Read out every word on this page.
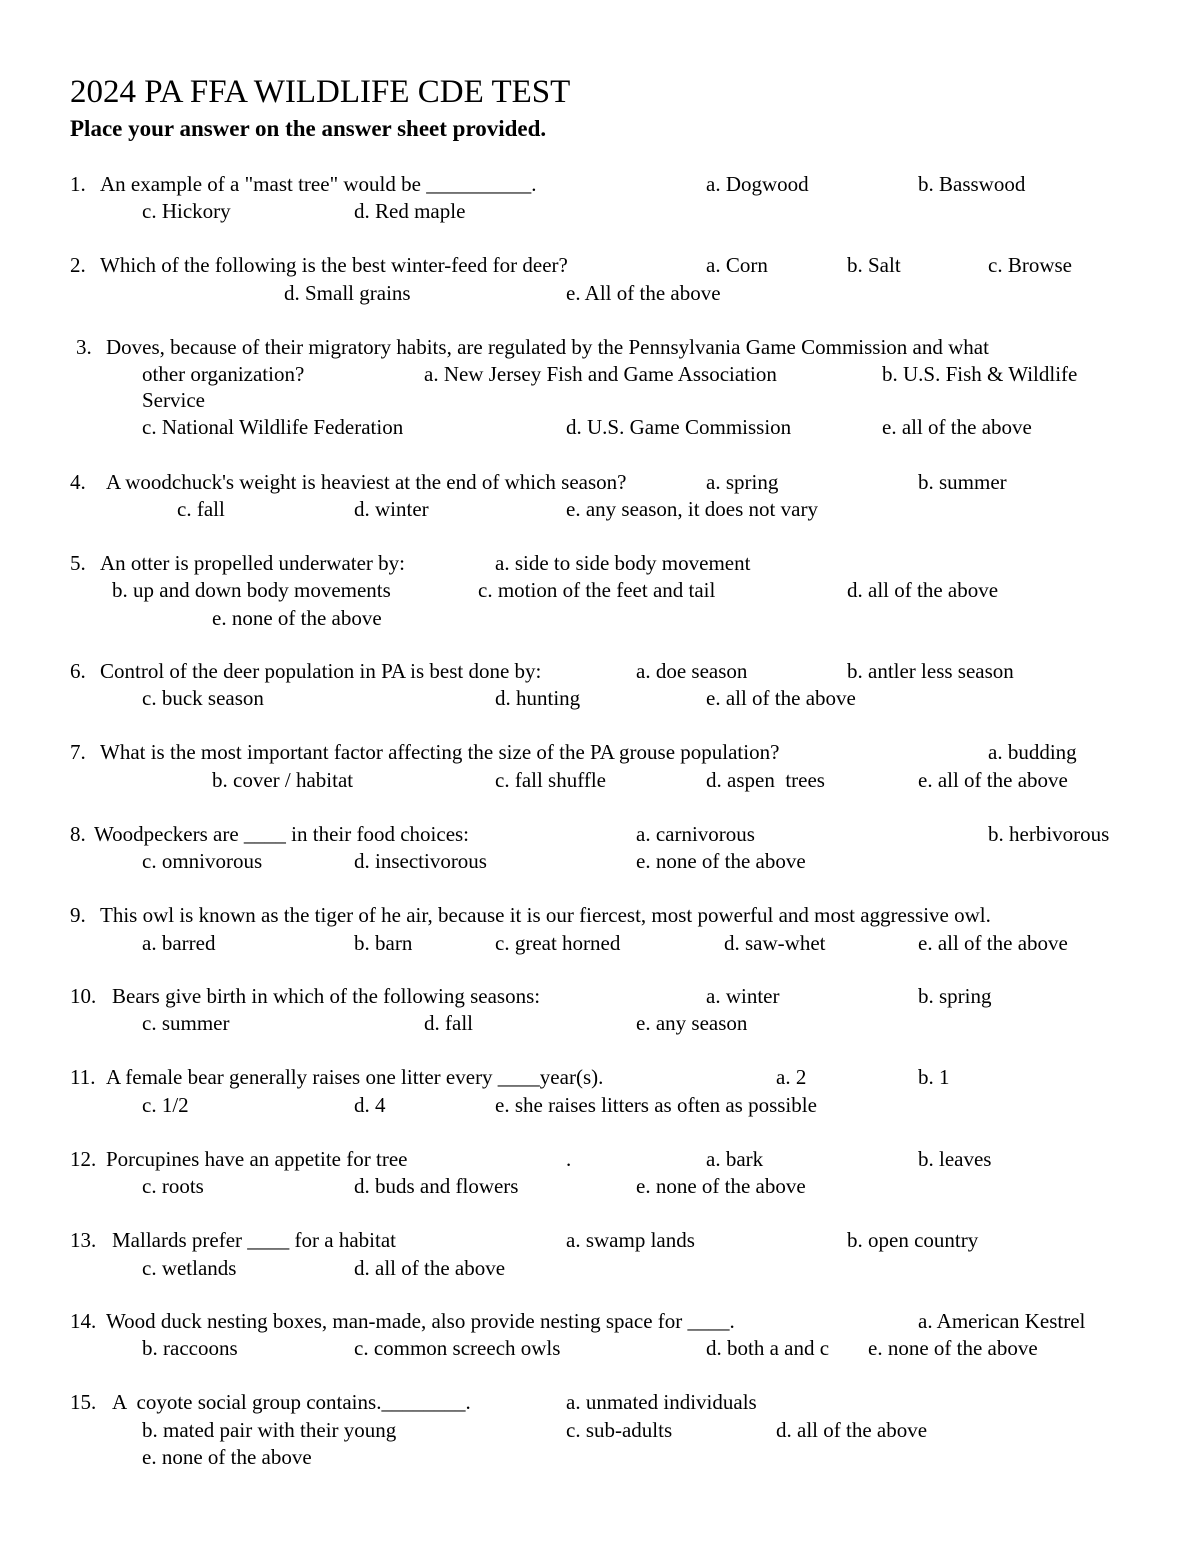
2024 PA FFA WILDLIFE CDE TEST
Place your answer on the answer sheet provided.
1. An example of a "mast tree" would be __________.	a. Dogwood	b. Basswood
c. Hickory	d. Red maple
2. Which of the following is the best winter-feed for deer?	a. Corn	b. Salt	c. Browse
d. Small grains	e. All of the above
3. Doves, because of their migratory habits, are regulated by the Pennsylvania Game Commission and what
other organization?	a. New Jersey Fish and Game Association	b. U.S. Fish & Wildlife
Service
c. National Wildlife Federation	d. U.S. Game Commission	e. all of the above
4. A woodchuck's weight is heaviest at the end of which season?	a. spring	b. summer
c. fall	d. winter	e. any season, it does not vary
5. An otter is propelled underwater by:	a. side to side body movement
b. up and down body movements	c. motion of the feet and tail	d. all of the above
e. none of the above
6. Control of the deer population in PA is best done by:	a. doe season	b. antler less season
c. buck season	d. hunting	e. all of the above
7. What is the most important factor affecting the size of the PA grouse population?	a. budding
b. cover / habitat	c. fall shuffle	d. aspen  trees	e. all of the above
8. Woodpeckers are ____ in their food choices:	a. carnivorous	b. herbivorous
c. omnivorous	d. insectivorous	e. none of the above
9. This owl is known as the tiger of he air, because it is our fiercest, most powerful and most aggressive owl.
a. barred	b. barn	c. great horned	d. saw-whet	e. all of the above
10. Bears give birth in which of the following seasons:	a. winter	b. spring
c. summer	d. fall	e. any season
11. A female bear generally raises one litter every ____year(s).	a. 2	b. 1
c. 1/2	d. 4	e. she raises litters as often as possible
12. Porcupines have an appetite for tree	.	a. bark	b. leaves
c. roots	d. buds and flowers	e. none of the above
13. Mallards prefer ____ for a habitat	a. swamp lands	b. open country
c. wetlands	d. all of the above
14. Wood duck nesting boxes, man-made, also provide nesting space for ____.	a. American Kestrel
b. raccoons	c. common screech owls	d. both a and c e. none of the above
15. A  coyote social group contains.________.	a. unmated individuals
b. mated pair with their young	c. sub-adults	d. all of the above
e. none of the above
